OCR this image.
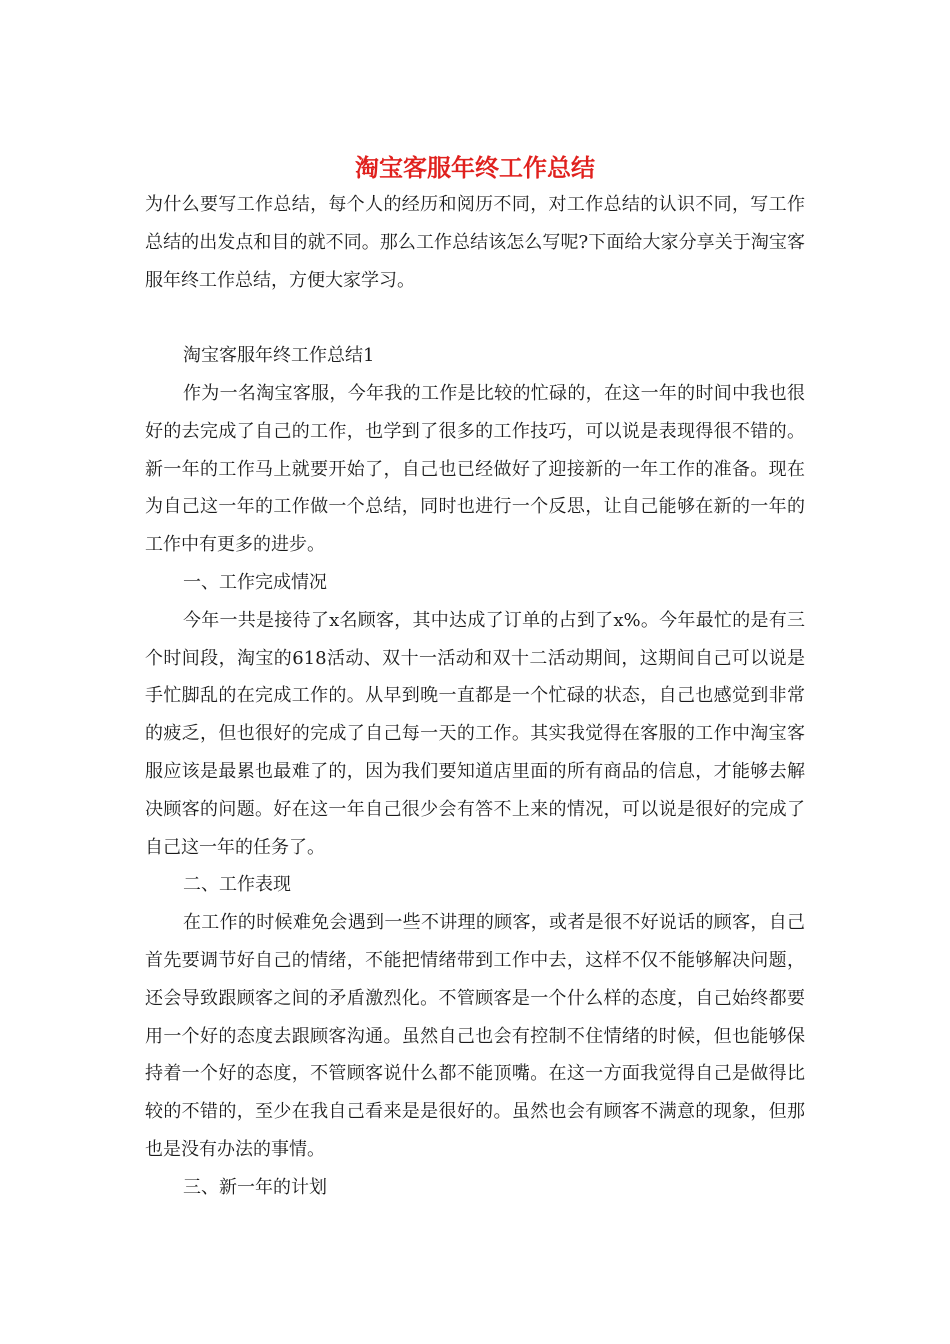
淘宝客服年终工作总结

为什么要写工作总结，每个人的经历和阅历不同，对工作总结的认识不同，写工作总结的出发点和目的就不同。那么工作总结该怎么写呢?下面给大家分享关于淘宝客服年终工作总结，方便大家学习。

淘宝客服年终工作总结1

作为一名淘宝客服，今年我的工作是比较的忙碌的，在这一年的时间中我也很好的去完成了自己的工作，也学到了很多的工作技巧，可以说是表现得很不错的。新一年的工作马上就要开始了，自己也已经做好了迎接新的一年工作的准备。现在为自己这一年的工作做一个总结，同时也进行一个反思，让自己能够在新的一年的工作中有更多的进步。

一、工作完成情况

今年一共是接待了x名顾客，其中达成了订单的占到了x%。今年最忙的是有三个时间段，淘宝的618活动、双十一活动和双十二活动期间，这期间自己可以说是手忙脚乱的在完成工作的。从早到晚一直都是一个忙碌的状态，自己也感觉到非常的疲乏，但也很好的完成了自己每一天的工作。其实我觉得在客服的工作中淘宝客服应该是最累也最难了的，因为我们要知道店里面的所有商品的信息，才能够去解决顾客的问题。好在这一年自己很少会有答不上来的情况，可以说是很好的完成了自己这一年的任务了。

二、工作表现

在工作的时候难免会遇到一些不讲理的顾客，或者是很不好说话的顾客，自己首先要调节好自己的情绪，不能把情绪带到工作中去，这样不仅不能够解决问题，还会导致跟顾客之间的矛盾激烈化。不管顾客是一个什么样的态度，自己始终都要用一个好的态度去跟顾客沟通。虽然自己也会有控制不住情绪的时候，但也能够保持着一个好的态度，不管顾客说什么都不能顶嘴。在这一方面我觉得自己是做得比较的不错的，至少在我自己看来是是很好的。虽然也会有顾客不满意的现象，但那也是没有办法的事情。

三、新一年的计划
